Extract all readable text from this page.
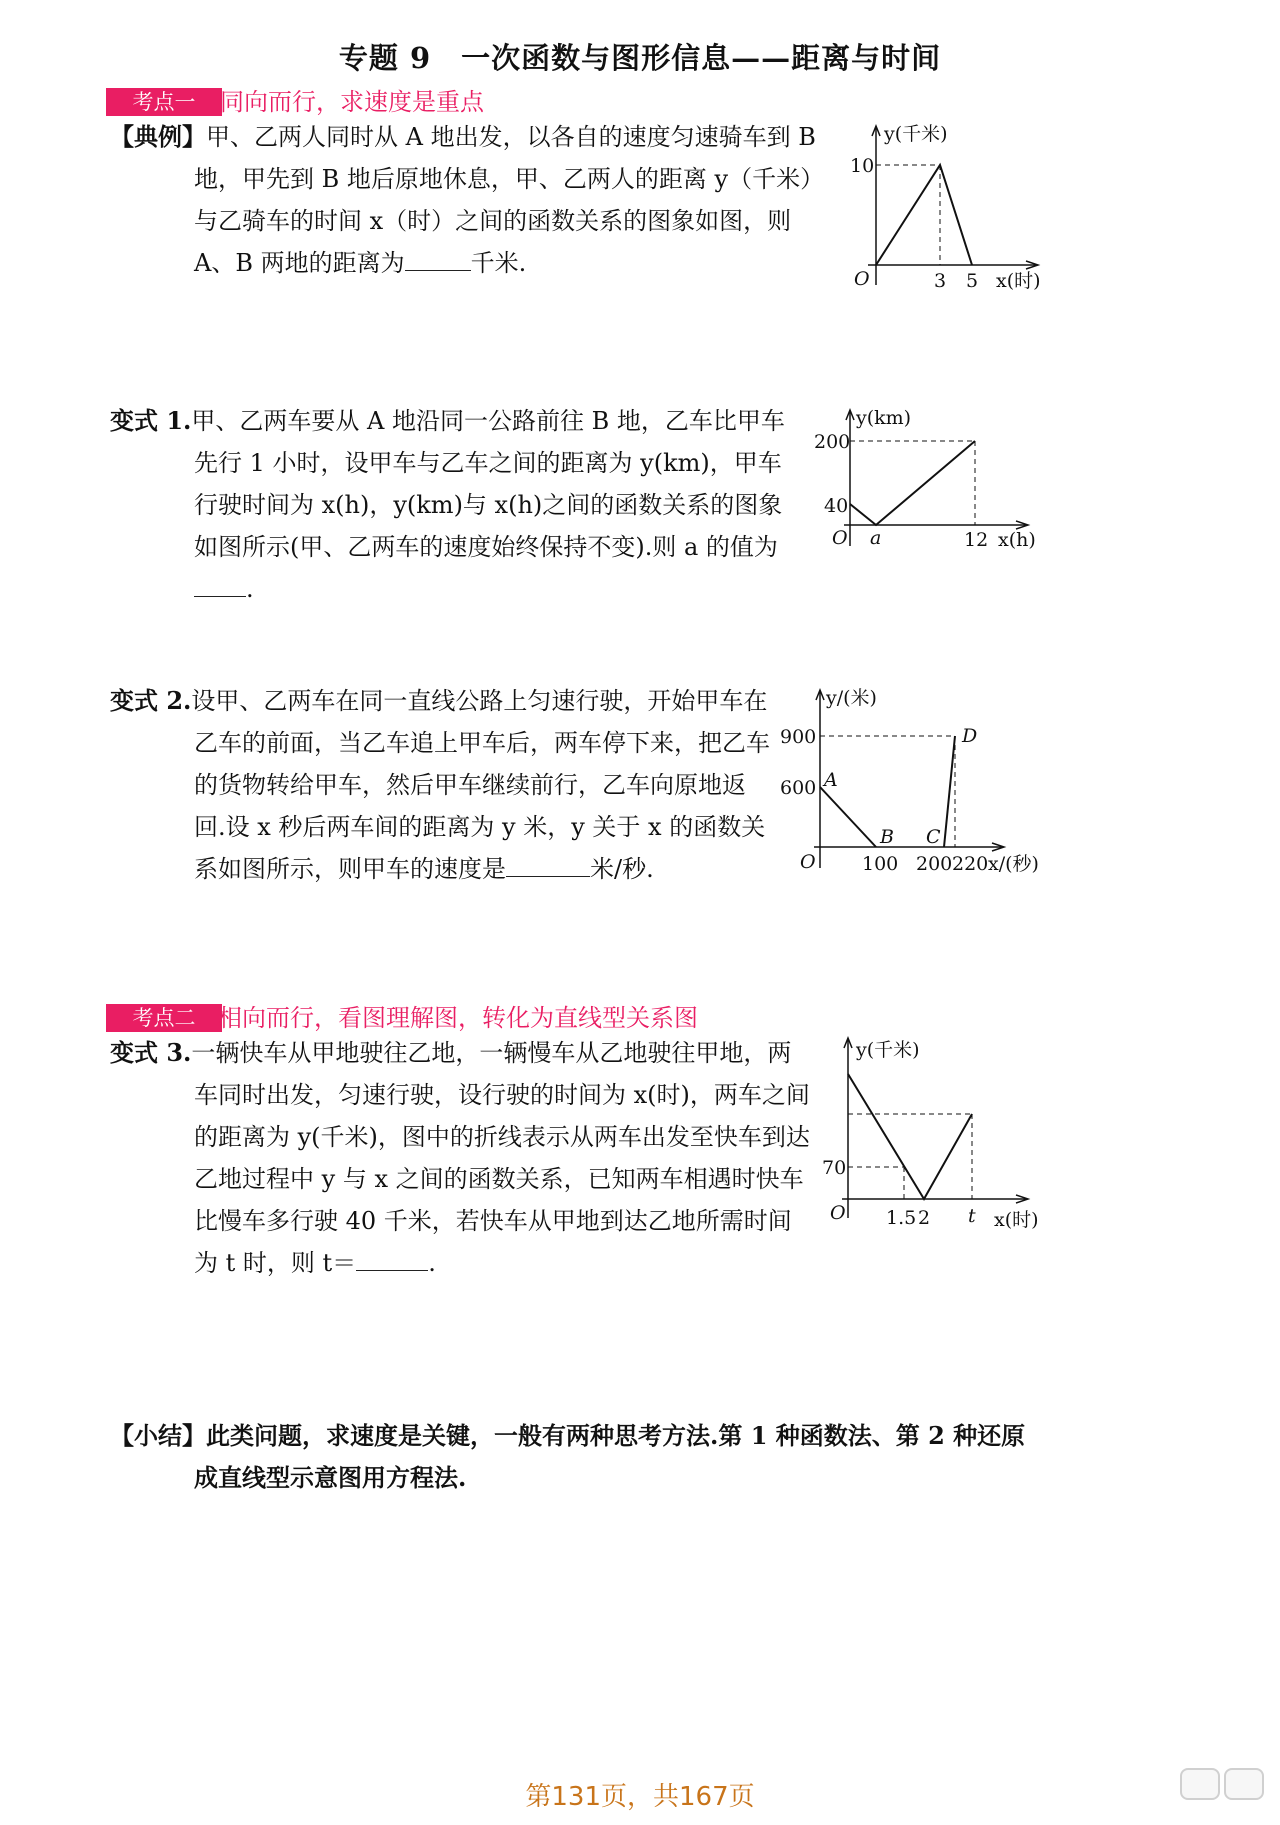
专题 9　一次函数与图形信息——距离与时间
考点一	同向而行，求速度是重点
【典例】甲、乙两人同时从 A 地出发，以各自的速度匀速骑车到 B 地，甲先到 B 地后原地休息，甲、乙两人的距离 y（千米）与乙骑车的时间 x（时）之间的函数关系的图象如图，则 A、B 两地的距离为	千米.
y(千米)
10
O	3 5 x(时)
变式 1.甲、乙两车要从 A 地沿同一公路前往 B 地，乙车比甲车先行 1 小时，设甲车与乙车之间的距离为 y(km)，甲车行驶时间为 x(h)，y(km)与 x(h)之间的函数关系的图象如图所示(甲、乙两车的速度始终保持不变).则 a 的值为.
y(km)
200
40
O a	12 x(h)
变式 2.设甲、乙两车在同一直线公路上匀速行驶，开始甲车在乙车的前面，当乙车追上甲车后，两车停下来，把乙车的货物转给甲车，然后甲车继续前行，乙车向原地返回.设 x 秒后两车间的距离为 y 米，y 关于 x 的函数关系如图所示，则甲车的速度是	米/秒.
y/(米)
900
600 A
B C
D
O 100 200 220 x/(秒)
考点二 相向而行，看图理解图，转化为直线型关系图
变式 3.一辆快车从甲地驶往乙地，一辆慢车从乙地驶往甲地，两车同时出发，匀速行驶，设行驶的时间为 x(时)，两车之间的距离为 y(千米)，图中的折线表示从两车出发至快车到达乙地过程中 y 与 x 之间的函数关系，已知两车相遇时快车比慢车多行驶 40 千米，若快车从甲地到达乙地所需时间为 t 时，则 t＝	.
y(千米)
70
O 1.5 2 t x(时)
【小结】此类问题，求速度是关键，一般有两种思考方法.第 1 种函数法、第 2 种还原成直线型示意图用方程法.
第131页，共167页
